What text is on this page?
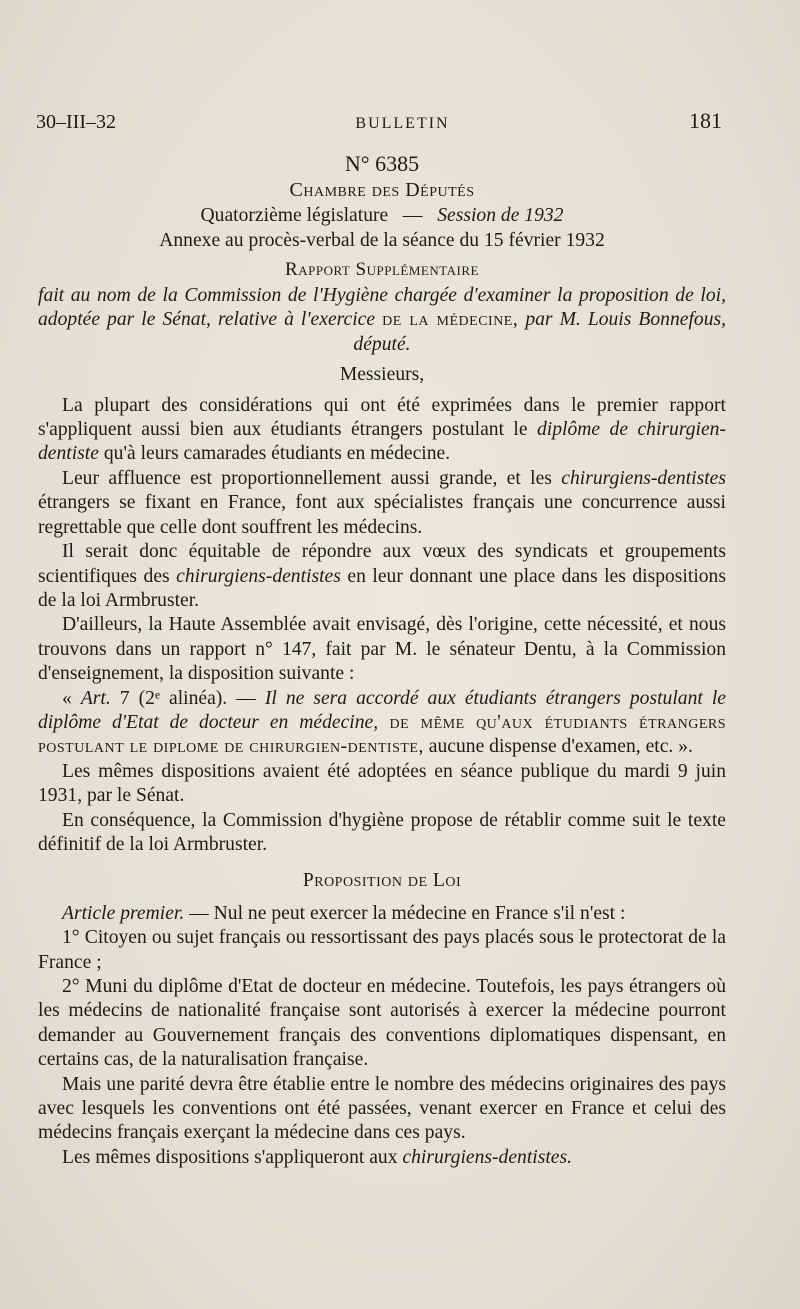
30–III–32	BULLETIN	181
N° 6385
Chambre des Députés
Quatorzième législature — Session de 1932
Annexe au procès-verbal de la séance du 15 février 1932
Rapport Supplémentaire

fait au nom de la Commission de l'Hygiène chargée d'examiner la proposition de loi, adoptée par le Sénat, relative à l'exercice de la médecine, par M. Louis Bonnefous, député.

Messieurs,

La plupart des considérations qui ont été exprimées dans le premier rapport s'appliquent aussi bien aux étudiants étrangers postulant le diplôme de chirurgien-dentiste qu'à leurs camarades étudiants en médecine.

Leur affluence est proportionnellement aussi grande, et les chirurgiens-dentistes étrangers se fixant en France, font aux spécialistes français une concurrence aussi regrettable que celle dont souffrent les médecins.

Il serait donc équitable de répondre aux vœux des syndicats et groupements scientifiques des chirurgiens-dentistes en leur donnant une place dans les dispositions de la loi Armbruster.

D'ailleurs, la Haute Assemblée avait envisagé, dès l'origine, cette nécessité, et nous trouvons dans un rapport n° 147, fait par M. le sénateur Dentu, à la Commission d'enseignement, la disposition suivante :

« Art. 7 (2ᵉ alinéa). — Il ne sera accordé aux étudiants étrangers postulant le diplôme d'Etat de docteur en médecine, de même qu'aux étudiants étrangers postulant le diplome de chirurgien-dentiste, aucune dispense d'examen, etc. ».

Les mêmes dispositions avaient été adoptées en séance publique du mardi 9 juin 1931, par le Sénat.

En conséquence, la Commission d'hygiène propose de rétablir comme suit le texte définitif de la loi Armbruster.

Proposition de Loi

Article premier. — Nul ne peut exercer la médecine en France s'il n'est :

1° Citoyen ou sujet français ou ressortissant des pays placés sous le protectorat de la France ;

2° Muni du diplôme d'Etat de docteur en médecine. Toutefois, les pays étrangers où les médecins de nationalité française sont autorisés à exercer la médecine pourront demander au Gouvernement français des conventions diplomatiques dispensant, en certains cas, de la naturalisation française.

Mais une parité devra être établie entre le nombre des médecins originaires des pays avec lesquels les conventions ont été passées, venant exercer en France et celui des médecins français exerçant la médecine dans ces pays.

Les mêmes dispositions s'appliqueront aux chirurgiens-dentistes.
